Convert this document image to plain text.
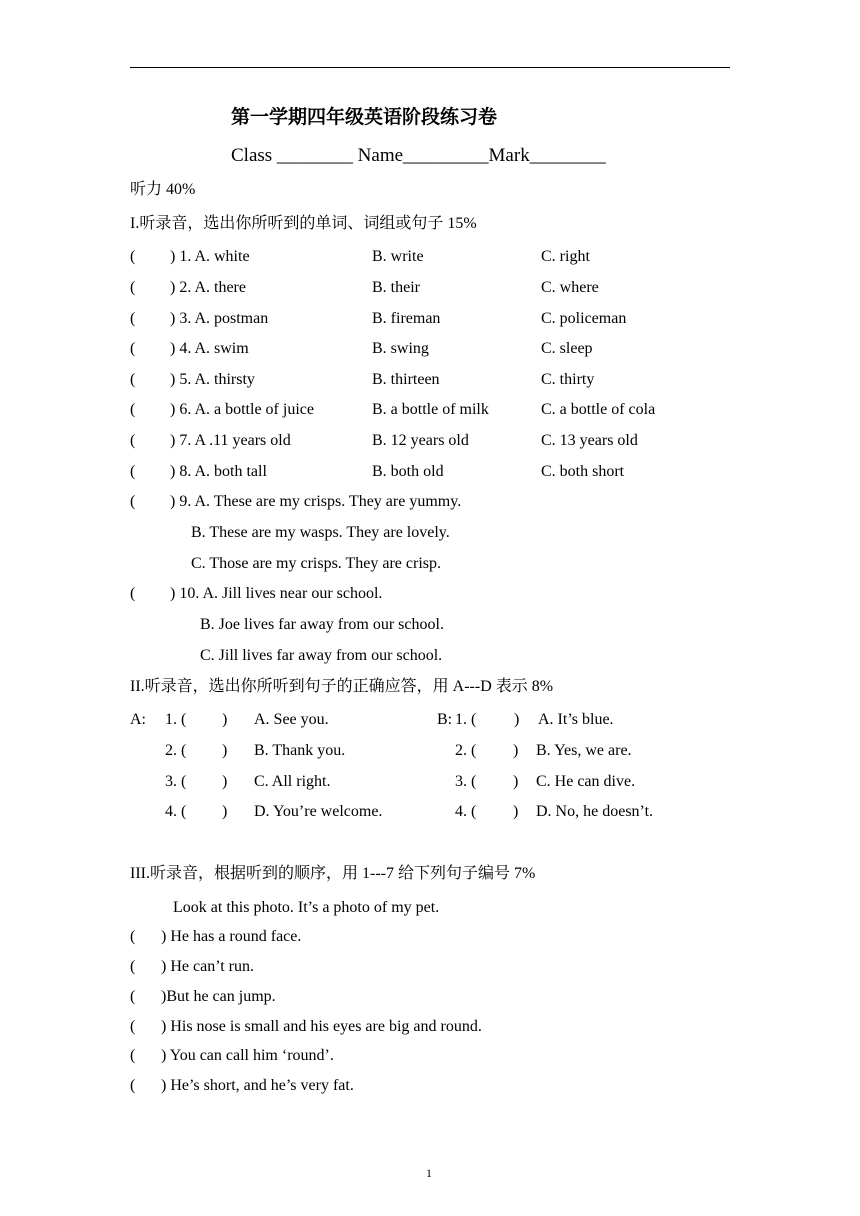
第一学期四年级英语阶段练习卷
Class ________ Name_________Mark________
听力 40%
I.听录音，选出你所听到的单词、词组或句子 15%
( ) 1. A. white	B. write	C. right
( ) 2. A. there	B. their	C. where
( ) 3. A. postman	B. fireman	C. policeman
( ) 4. A. swim	B. swing	C. sleep
( ) 5. A. thirsty	B. thirteen	C. thirty
( ) 6. A. a bottle of juice	B. a bottle of milk	C. a bottle of cola
( ) 7. A .11 years old	B. 12 years old	C. 13 years old
( ) 8. A. both tall	B. both old	C. both short
( ) 9. A. These are my crisps. They are yummy.
B. These are my wasps. They are lovely.
C. Those are my crisps. They are crisp.
( ) 10. A. Jill lives near our school.
B. Joe lives far away from our school.
C. Jill lives far away from our school.
II.听录音，选出你所听到句子的正确应答，用 A---D 表示 8%
A: 1. ( ) A. See you.	B: 1. ( ) A. It’s blue.
2. ( ) B. Thank you.	2. ( ) B. Yes, we are.
3. ( ) C. All right.	3. ( ) C. He can dive.
4. ( ) D. You’re welcome.	4. ( ) D. No, he doesn’t.
III.听录音，根据听到的顺序，用 1---7 给下列句子编号 7%
Look at this photo. It’s a photo of my pet.
( ) He has a round face.
( ) He can’t run.
( )But he can jump.
( ) His nose is small and his eyes are big and round.
( ) You can call him ‘round’.
( ) He’s short, and he’s very fat.
1
